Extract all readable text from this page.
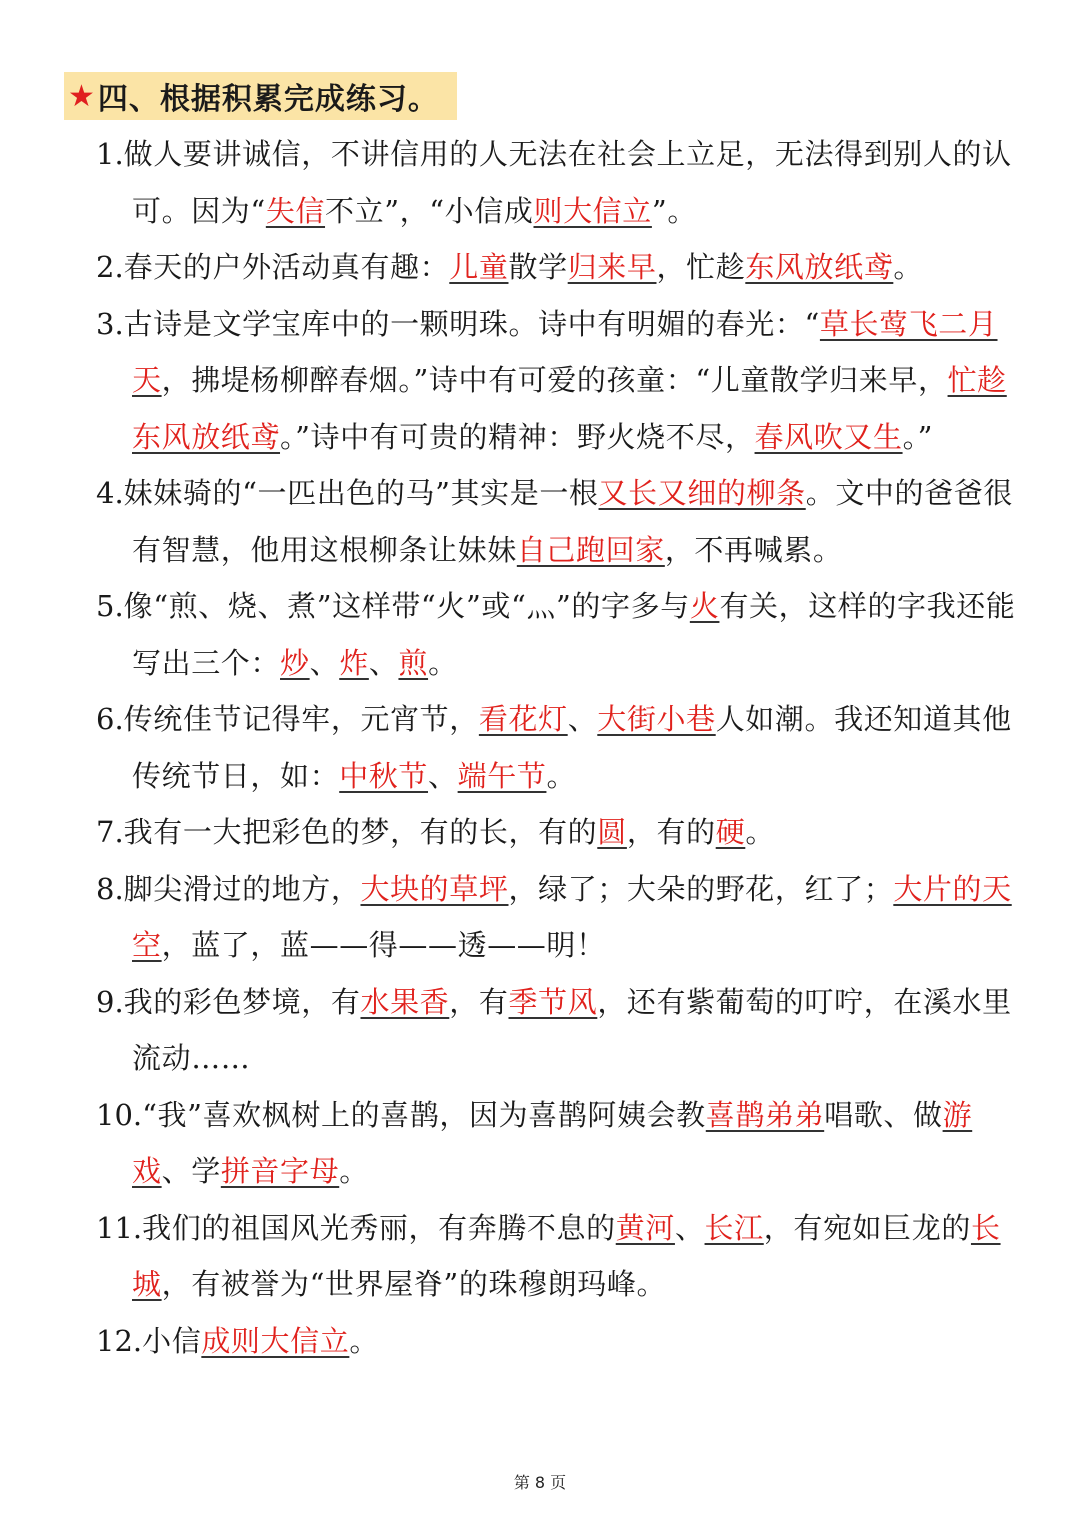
★ 四、根据积累完成练习。
1.做人要讲诚信，不讲信用的人无法在社会上立足，无法得到别人的认可。因为“失信不立”，“小信成则大信立”。
2.春天的户外活动真有趣：儿童散学归来早，忙趁东风放纸鸢。
3.古诗是文学宝库中的一颗明珠。诗中有明媚的春光：“草长莺飞二月天，拂堤杨柳醉春烟。”诗中有可爱的孩童：“儿童散学归来早，忙趁东风放纸鸢。”诗中有可贵的精神：野火烧不尽，春风吹又生。”
4.妹妹骑的“一匹出色的马”其实是一根又长又细的柳条。文中的爸爸很有智慧，他用这根柳条让妹妹自己跑回家，不再喊累。
5.像“煎、烧、煮”这样带“火”或“灬”的字多与火有关，这样的字我还能写出三个：炒、炸、煎。
6.传统佳节记得牢，元宵节，看花灯、大街小巷人如潮。我还知道其他传统节日，如：中秋节、端午节。
7.我有一大把彩色的梦，有的长，有的圆，有的硬。
8.脚尖滑过的地方，大块的草坪，绿了；大朵的野花，红了；大片的天空，蓝了，蓝——得——透——明！
9.我的彩色梦境，有水果香，有季节风，还有紫葡萄的叮咛，在溪水里流动……
10.“我”喜欢枫树上的喜鹊，因为喜鹊阿姨会教喜鹊弟弟唱歌、做游戏、学拼音字母。
11.我们的祖国风光秀丽，有奔腾不息的黄河、长江，有宛如巨龙的长城，有被誉为“世界屋脊”的珠穆朗玛峰。
12.小信成则大信立。
第 8 页
